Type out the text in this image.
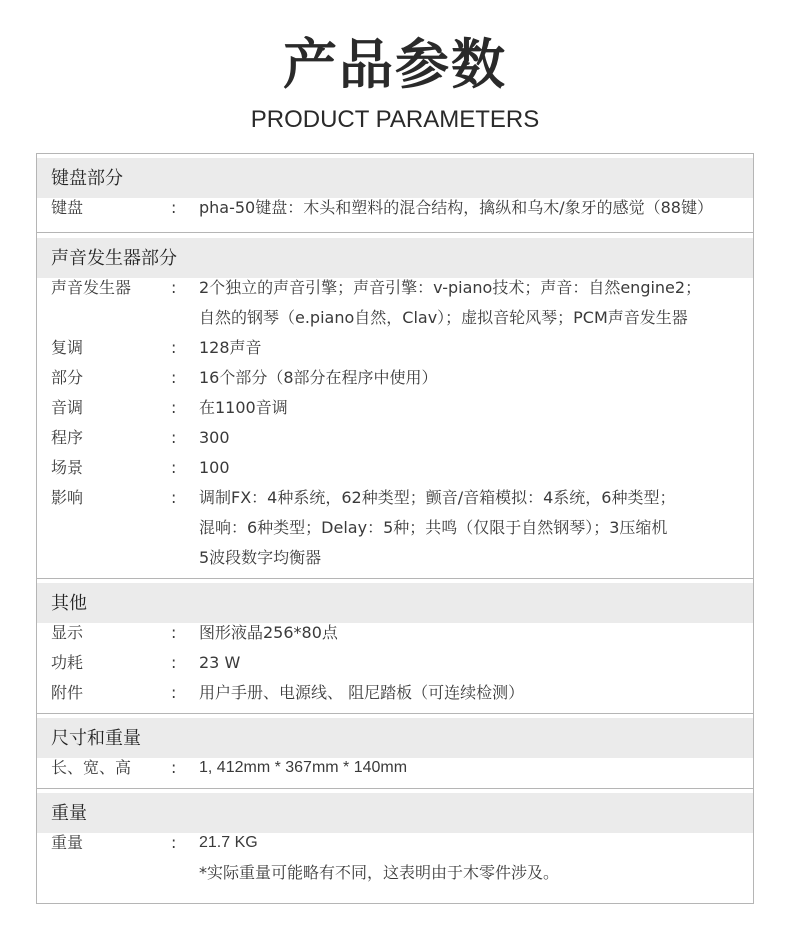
产品参数
PRODUCT PARAMETERS
键盘部分
键盘	: pha-50键盘：木头和塑料的混合结构，擒纵和乌木/象牙的感觉（88键）
声音发生器部分
声音发生器 : 2个独立的声音引擎；声音引擎：v-piano技术；声音：自然engine2；
自然的钢琴（e.piano自然，Clav）；虚拟音轮风琴；PCM声音发生器
复调	: 128声音
部分	: 16个部分（8部分在程序中使用）
音调	: 在1100音调
程序	: 300
场景	: 100
影响	: 调制FX：4种系统，62种类型；颤音/音箱模拟：4系统，6种类型；
混响：6种类型；Delay：5种；共鸣（仅限于自然钢琴）；3压缩机
5波段数字均衡器
其他
显示	: 图形液晶256*80点
功耗	: 23 W
附件	: 用户手册、电源线、 阻尼踏板（可连续检测）
尺寸和重量
长、宽、高 : 1, 412mm * 367mm * 140mm
重量
重量	: 21.7 KG
*实际重量可能略有不同，这表明由于木零件涉及。
